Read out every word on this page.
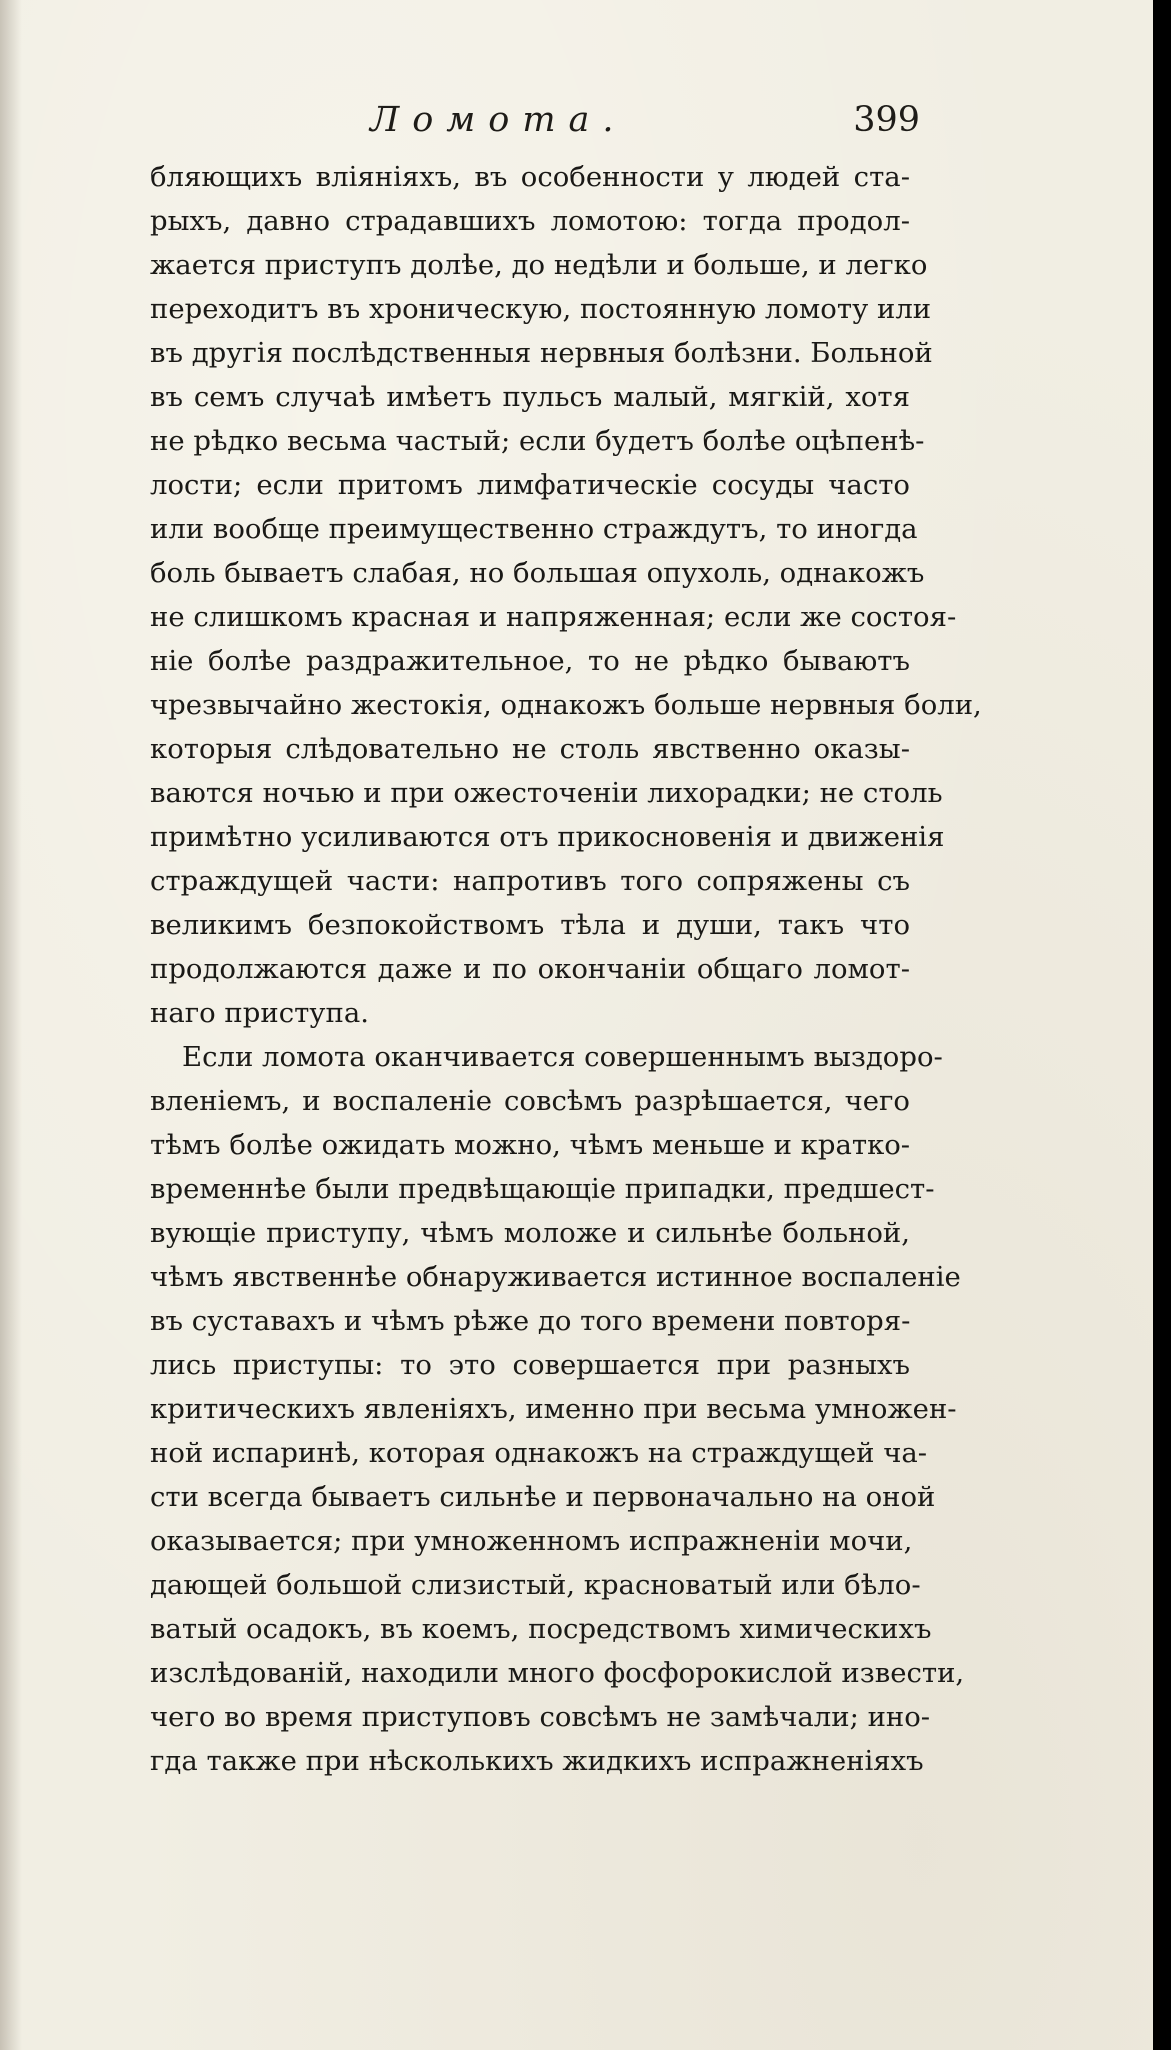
Ломота.	399
бляющихъ вліяніяхъ, въ особенности у людей ста-
рыхъ, давно страдавшихъ ломотою: тогда продол-
жается приступъ долѣе, до недѣли и больше, и легко
переходитъ въ хроническую, постоянную ломоту или
въ другія послѣдственныя нервныя болѣзни. Больной
въ семъ случаѣ имѣетъ пульсъ малый, мягкій, хотя
не рѣдко весьма частый; если будетъ болѣе оцѣпенѣ-
лости; если притомъ лимфатическіе сосуды часто
или вообще преимущественно страждутъ, то иногда
боль бываетъ слабая, но большая опухоль, однакожъ
не слишкомъ красная и напряженная; если же состоя-
ніе болѣе раздражительное, то не рѣдко бываютъ
чрезвычайно жестокія, однакожъ больше нервныя боли,
которыя слѣдовательно не столь явственно оказы-
ваются ночью и при ожесточеніи лихорадки; не столь
примѣтно усиливаются отъ прикосновенія и движенія
страждущей части: напротивъ того сопряжены съ
великимъ безпокойствомъ тѣла и души, такъ что
продолжаются даже и по окончаніи общаго ломот-
наго приступа.
Если ломота оканчивается совершеннымъ выздоро-
вленіемъ, и воспаленіе совсѣмъ разрѣшается, чего
тѣмъ болѣе ожидать можно, чѣмъ меньше и кратко-
временнѣе были предвѣщающіе припадки, предшест-
вующіе приступу, чѣмъ моложе и сильнѣе больной,
чѣмъ явственнѣе обнаруживается истинное воспаленіе
въ суставахъ и чѣмъ рѣже до того времени повторя-
лись приступы: то это совершается при разныхъ
критическихъ явленіяхъ, именно при весьма умножен-
ной испаринѣ, которая однакожъ на страждущей ча-
сти всегда бываетъ сильнѣе и первоначально на оной
оказывается; при умноженномъ испражненіи мочи,
дающей большой слизистый, красноватый или бѣло-
ватый осадокъ, въ коемъ, посредствомъ химическихъ
изслѣдованій, находили много фосфорокислой извести,
чего во время приступовъ совсѣмъ не замѣчали; ино-
гда также при нѣсколькихъ жидкихъ испражненіяхъ
